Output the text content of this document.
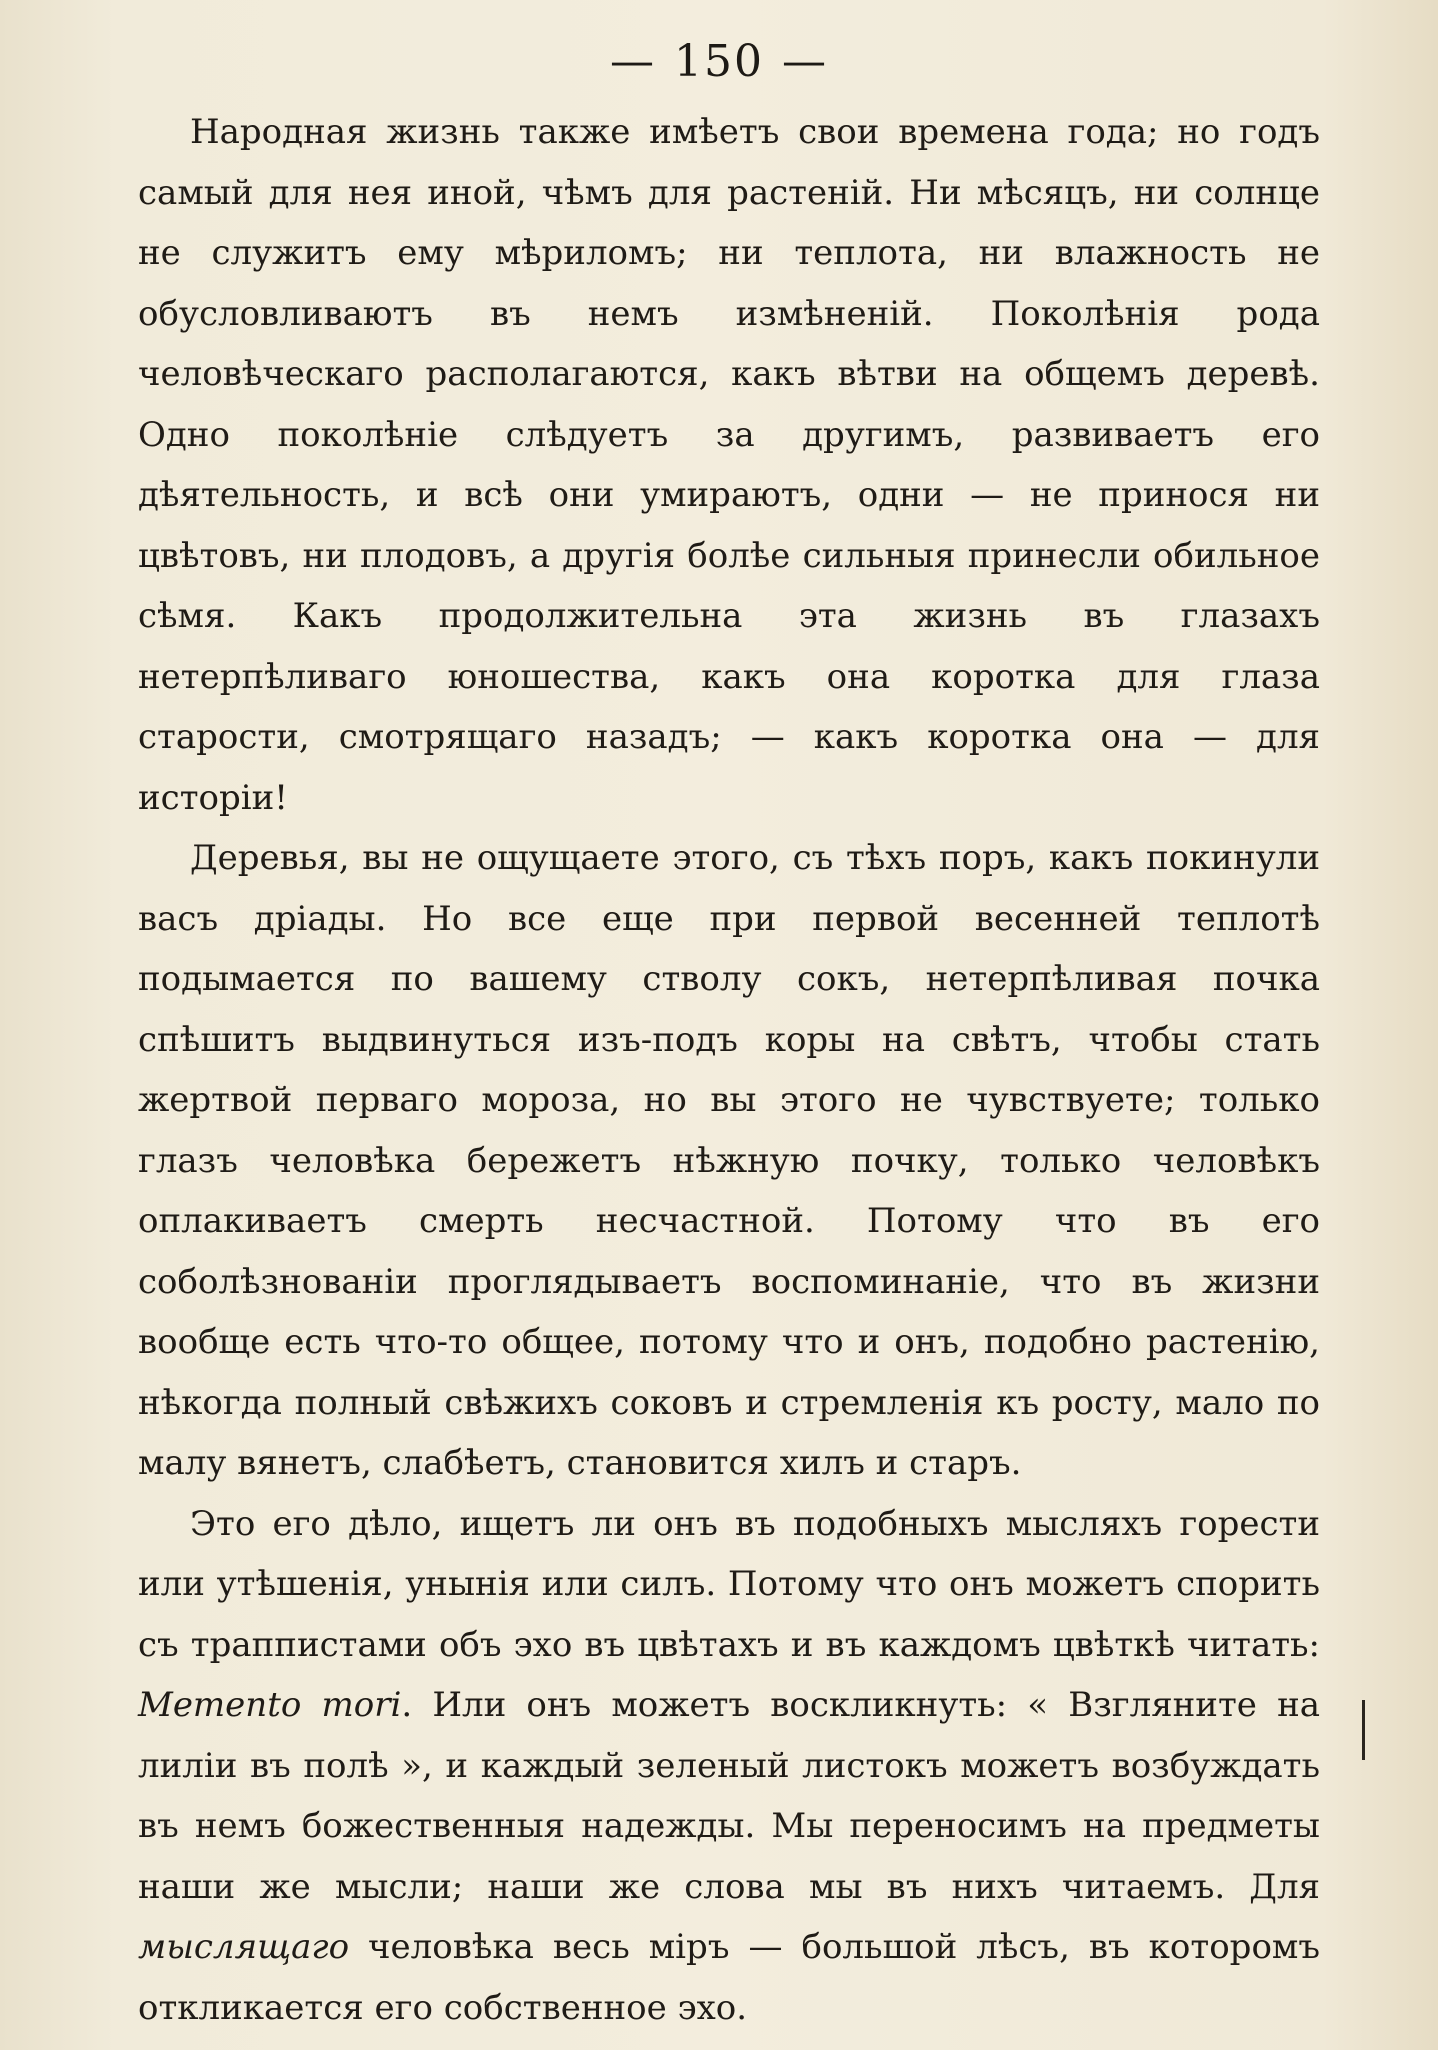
— 150 —

Народная жизнь также имѣетъ свои времена года; но годъ самый для нея иной, чѣмъ для растеній. Ни мѣсяцъ, ни солнце не служитъ ему мѣриломъ; ни теплота, ни влажность не обусловливаютъ въ немъ измѣненій. Поколѣнія рода человѣческаго располагаются, какъ вѣтви на общемъ деревѣ. Одно поколѣніе слѣдуетъ за другимъ, развиваетъ его дѣятельность, и всѣ они умираютъ, одни — не принося ни цвѣтовъ, ни плодовъ, а другія болѣе сильныя принесли обильное сѣмя. Какъ продолжительна эта жизнь въ глазахъ нетерпѣливаго юношества, какъ она коротка для глаза старости, смотрящаго назадъ; — какъ коротка она — для исторіи!

Деревья, вы не ощущаете этого, съ тѣхъ поръ, какъ покинули васъ дріады. Но все еще при первой весенней теплотѣ подымается по вашему стволу сокъ, нетерпѣливая почка спѣшитъ выдвинуться изъ-подъ коры на свѣтъ, чтобы стать жертвой перваго мороза, но вы этого не чувствуете; только глазъ человѣка бережетъ нѣжную почку, только человѣкъ оплакиваетъ смерть несчастной. Потому что въ его соболѣзнованіи проглядываетъ воспоминаніе, что въ жизни вообще есть что-то общее, потому что и онъ, подобно растенію, нѣкогда полный свѣжихъ соковъ и стремленія къ росту, мало по малу вянетъ, слабѣетъ, становится хилъ и старъ.

Это его дѣло, ищетъ ли онъ въ подобныхъ мысляхъ горести или утѣшенія, унынія или силъ. Потому что онъ можетъ спорить съ траппистами объ эхо въ цвѣтахъ и въ каждомъ цвѣткѣ читать: Memento mori. Или онъ можетъ воскликнуть: « Взгляните на лиліи въ полѣ », и каждый зеленый листокъ можетъ возбуждать въ немъ божественныя надежды. Мы переносимъ на предметы наши же мысли; наши же слова мы въ нихъ читаемъ. Для мыслящаго человѣка весь міръ — большой лѣсъ, въ которомъ откликается его собственное эхо.
